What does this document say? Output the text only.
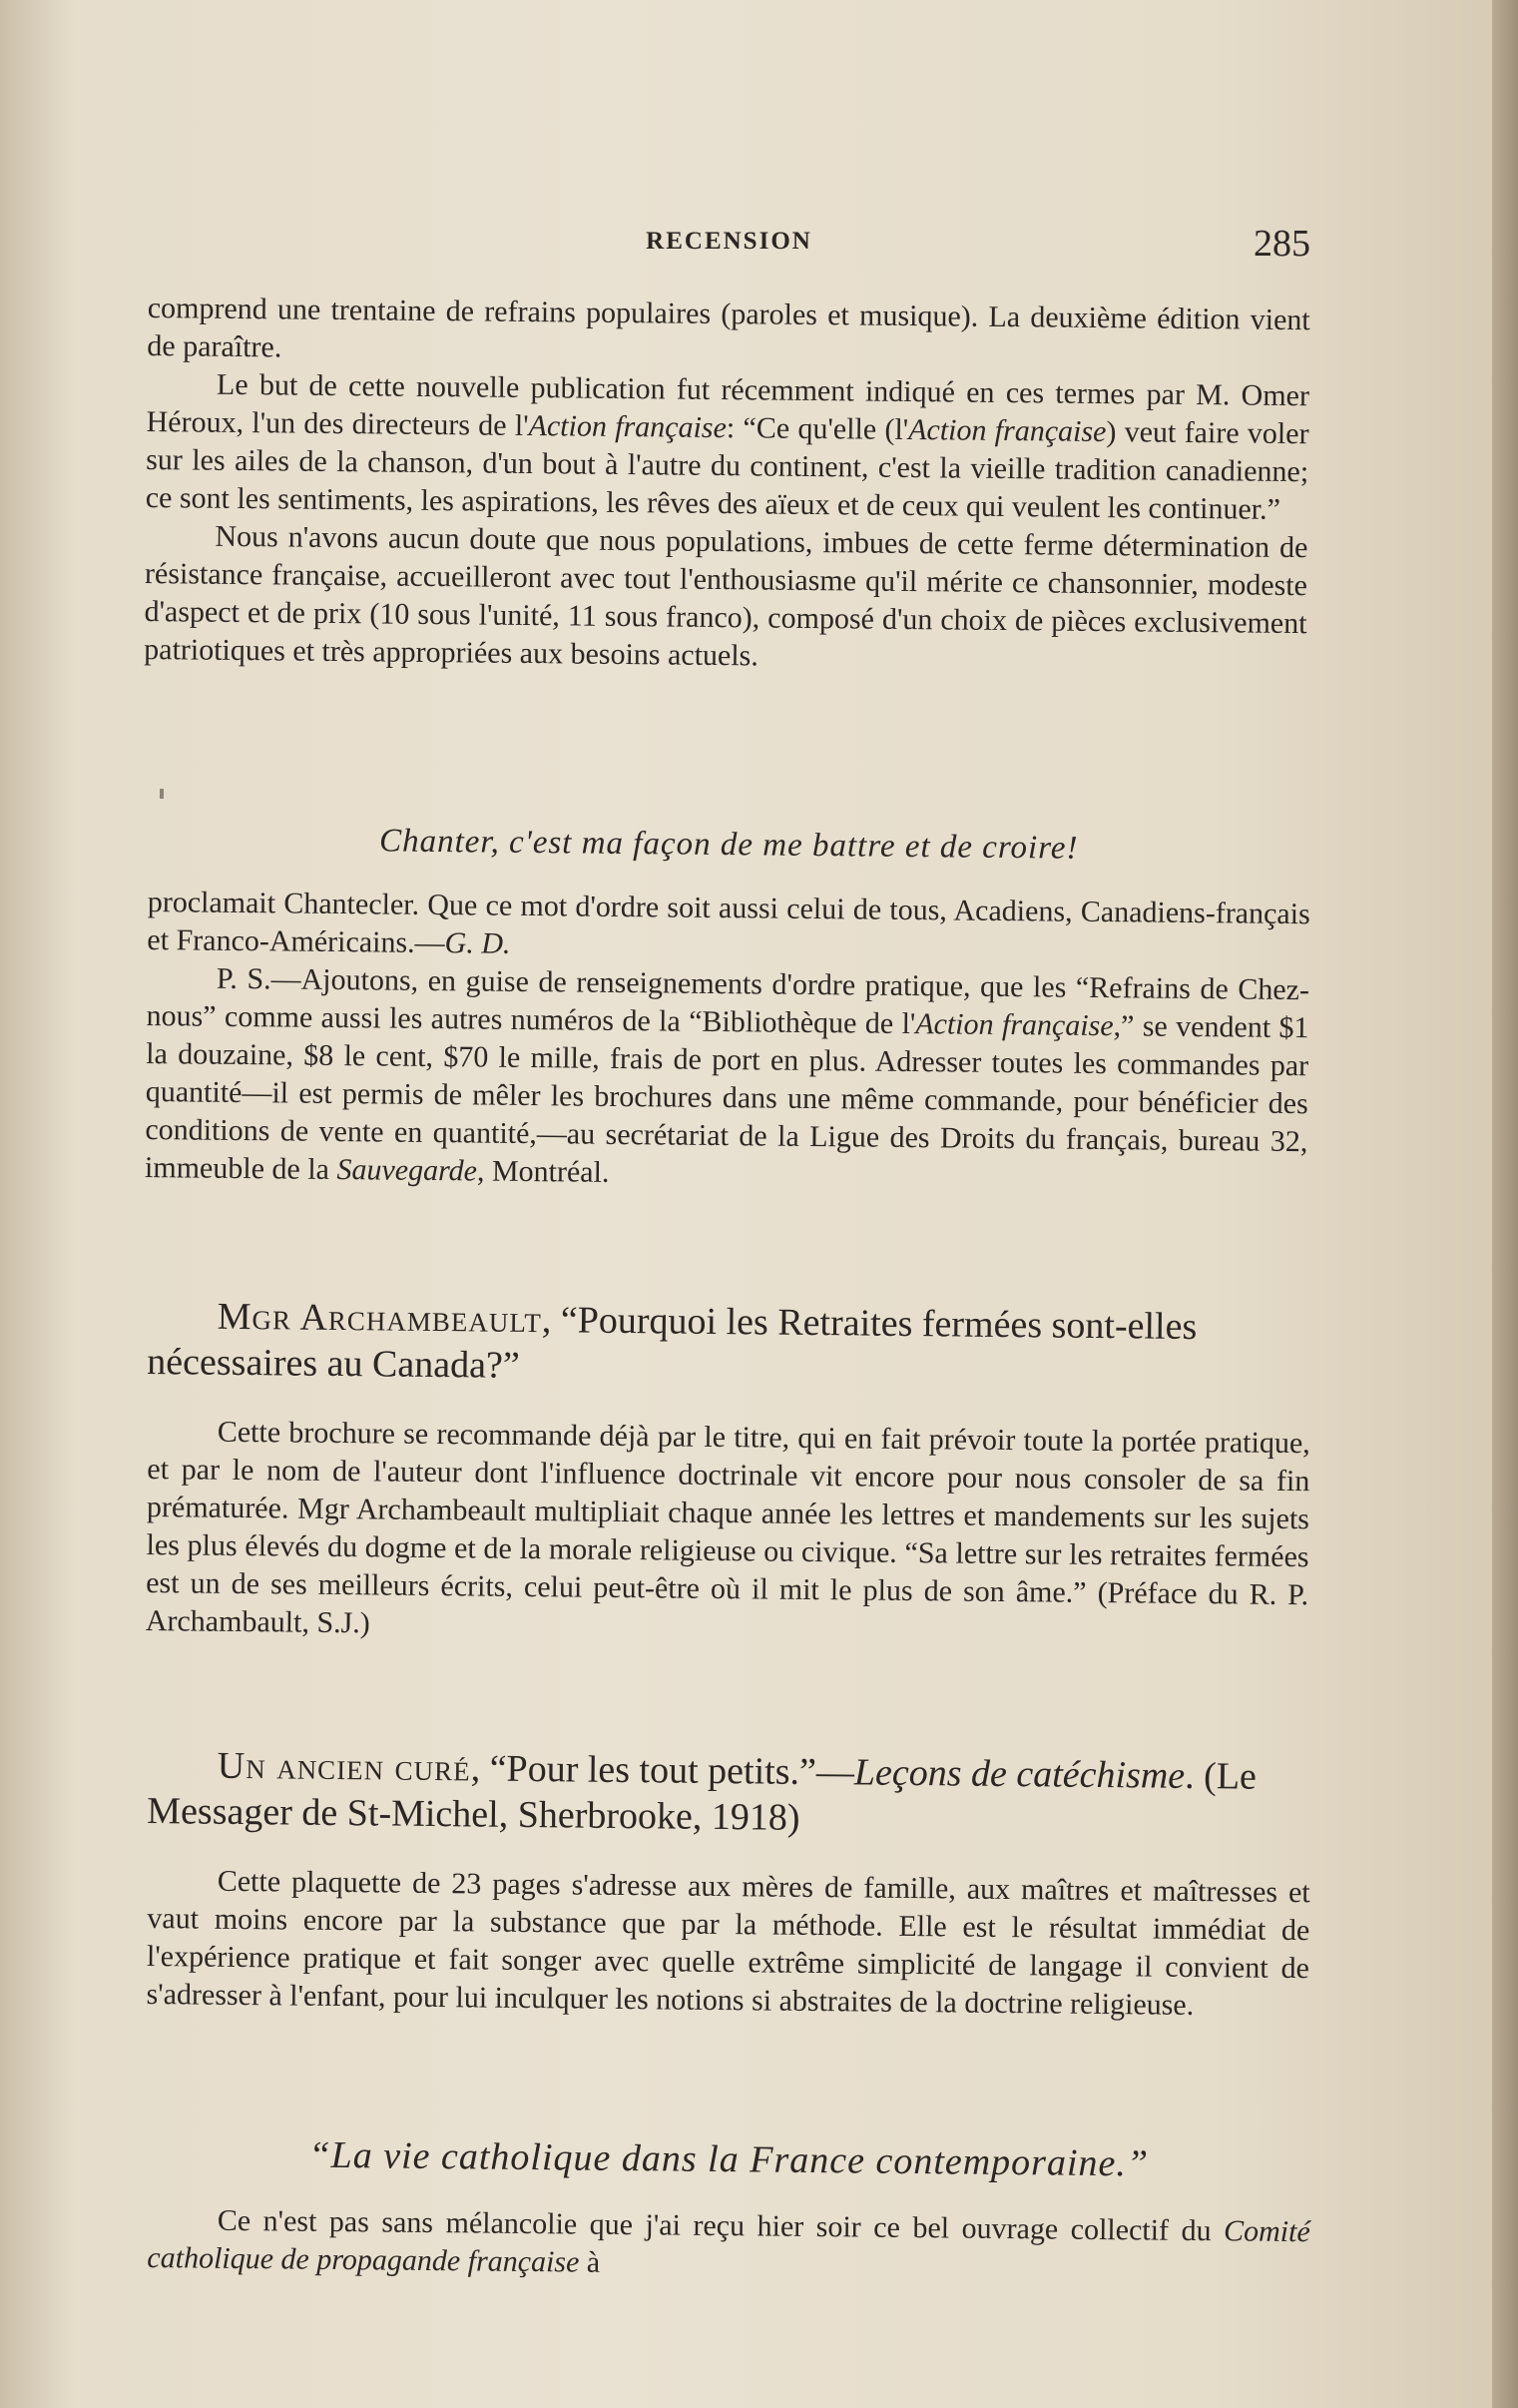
RECENSION	285

comprend une trentaine de refrains populaires (paroles et musique). La deuxième édition vient de paraître.

Le but de cette nouvelle publication fut récemment indiqué en ces termes par M. Omer Héroux, l'un des directeurs de l'Action française: “Ce qu'elle (l'Action française) veut faire voler sur les ailes de la chanson, d'un bout à l'autre du continent, c'est la vieille tradition canadienne; ce sont les sentiments, les aspirations, les rêves des aïeux et de ceux qui veulent les continuer.”

Nous n'avons aucun doute que nous populations, imbues de cette ferme détermination de résistance française, accueilleront avec tout l'enthousiasme qu'il mérite ce chansonnier, modeste d'aspect et de prix (10 sous l'unité, 11 sous franco), composé d'un choix de pièces exclusivement patriotiques et très appropriées aux besoins actuels.

Chanter, c'est ma façon de me battre et de croire!

proclamait Chantecler. Que ce mot d'ordre soit aussi celui de tous, Acadiens, Canadiens-français et Franco-Américains.—G. D.

P. S.—Ajoutons, en guise de renseignements d'ordre pratique, que les “Refrains de Chez-nous” comme aussi les autres numéros de la “Bibliothèque de l'Action française,” se vendent $1 la douzaine, $8 le cent, $70 le mille, frais de port en plus. Adresser toutes les commandes par quantité—il est permis de mêler les brochures dans une même commande, pour bénéficier des conditions de vente en quantité,—au secrétariat de la Ligue des Droits du français, bureau 32, immeuble de la Sauvegarde, Montréal.

Mgr Archambeault, “Pourquoi les Retraites fermées sont-elles nécessaires au Canada?”

Cette brochure se recommande déjà par le titre, qui en fait prévoir toute la portée pratique, et par le nom de l'auteur dont l'influence doctrinale vit encore pour nous consoler de sa fin prématurée. Mgr Archambeault multipliait chaque année les lettres et mandements sur les sujets les plus élevés du dogme et de la morale religieuse ou civique. “Sa lettre sur les retraites fermées est un de ses meilleurs écrits, celui peut-être où il mit le plus de son âme.” (Préface du R. P. Archambault, S.J.)

Un ancien curé, “Pour les tout petits.”—Leçons de catéchisme. (Le Messager de St-Michel, Sherbrooke, 1918)

Cette plaquette de 23 pages s'adresse aux mères de famille, aux maîtres et maîtresses et vaut moins encore par la substance que par la méthode. Elle est le résultat immédiat de l'expérience pratique et fait songer avec quelle extrême simplicité de langage il convient de s'adresser à l'enfant, pour lui inculquer les notions si abstraites de la doctrine religieuse.

“La vie catholique dans la France contemporaine.”

Ce n'est pas sans mélancolie que j'ai reçu hier soir ce bel ouvrage collectif du Comité catholique de propagande française à
